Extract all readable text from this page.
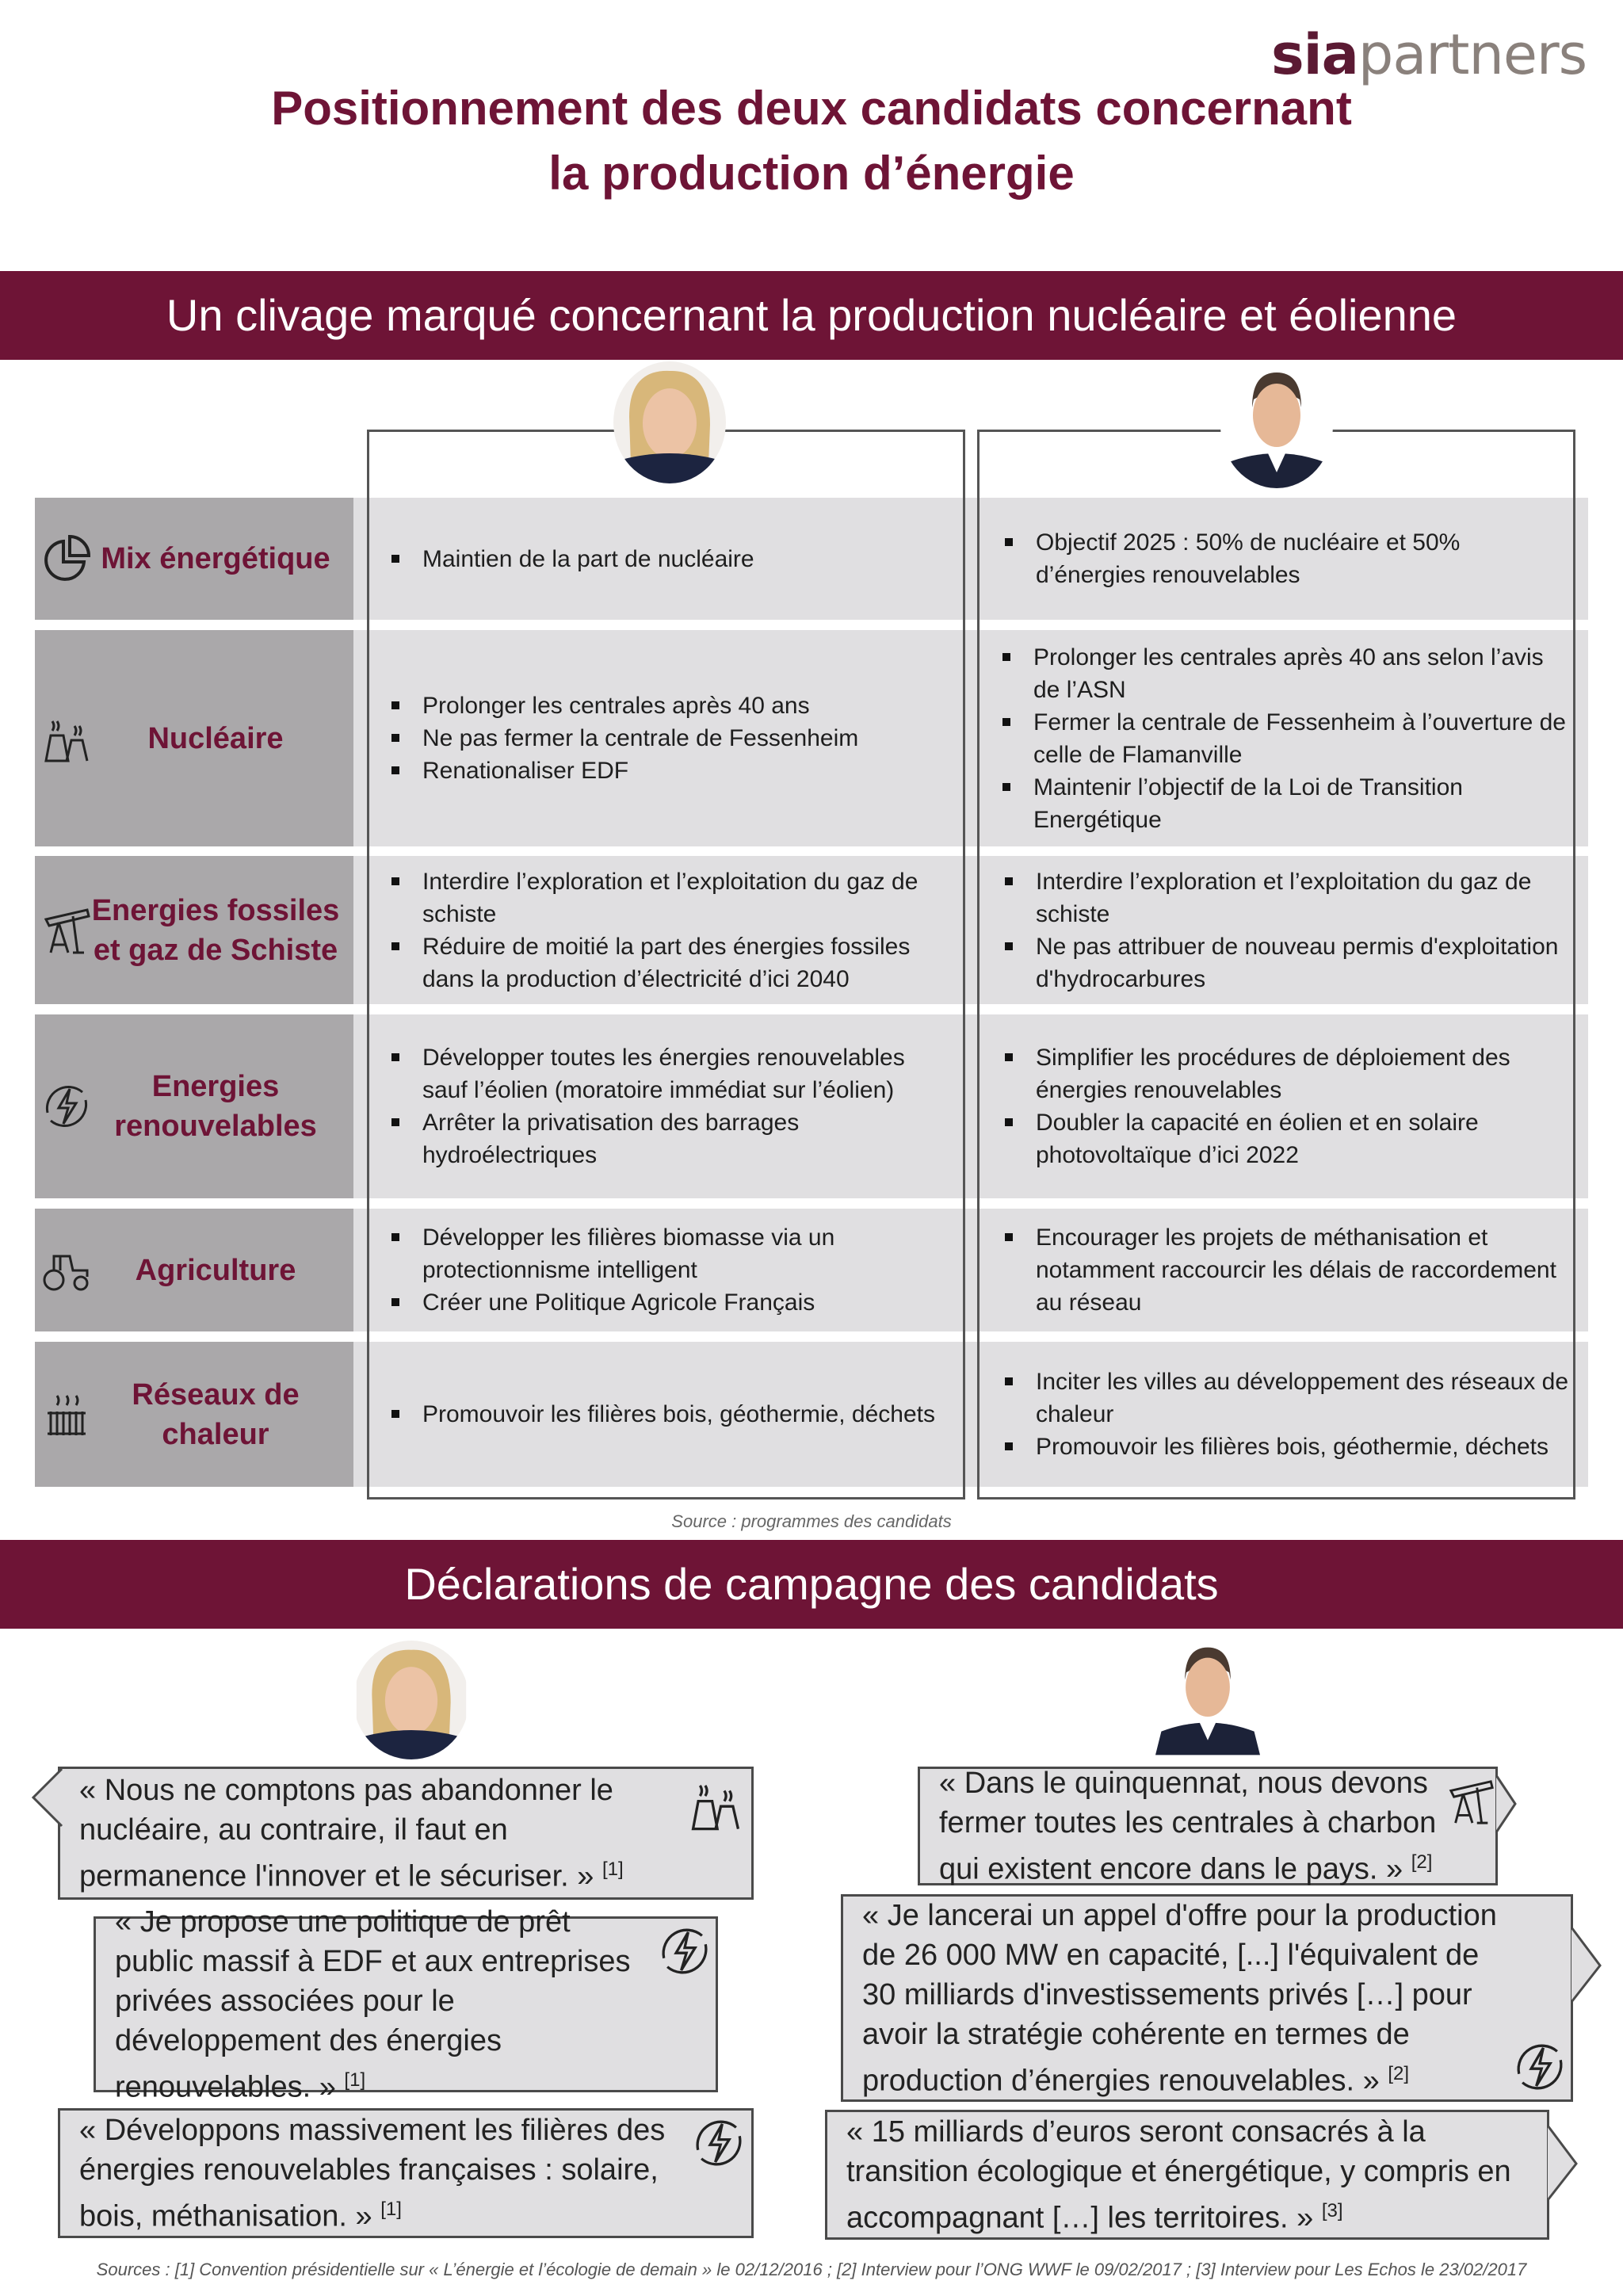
siapartners
Positionnement des deux candidats concernant
la production d’énergie
Un clivage marqué concernant la production nucléaire et éolienne
Mix énergétique
Nucléaire
Energies fossiles et gaz de Schiste
Energies renouvelables
Agriculture
Réseaux de chaleur
Maintien de la part de nucléaire
Objectif 2025 : 50% de nucléaire et 50% d’énergies renouvelables
Prolonger les centrales après 40 ans
Ne pas fermer la centrale de Fessenheim
Renationaliser EDF
Prolonger les centrales après 40 ans selon l’avis de l’ASN
Fermer la centrale de Fessenheim à l’ouverture de celle de Flamanville
Maintenir l’objectif de la Loi de Transition Energétique
Interdire l’exploration et l’exploitation du gaz de schiste
Réduire de moitié la part des énergies fossiles dans la production d’électricité d’ici 2040
Interdire l’exploration et l’exploitation du gaz de schiste
Ne pas attribuer de nouveau permis d'exploitation d'hydrocarbures
Développer toutes les énergies renouvelables sauf l’éolien (moratoire immédiat sur l’éolien)
Arrêter la privatisation des barrages hydroélectriques
Simplifier les procédures de déploiement des énergies renouvelables
Doubler la capacité en éolien et en solaire photovoltaïque d’ici 2022
Développer les filières biomasse via un protectionnisme intelligent
Créer une Politique Agricole Français
Encourager les projets de méthanisation et notamment raccourcir les délais de raccordement au réseau
Promouvoir les filières bois, géothermie, déchets
Inciter les villes au développement des réseaux de chaleur
Promouvoir les filières bois, géothermie, déchets
Source : programmes des candidats
Déclarations de campagne des candidats
« Nous ne comptons pas abandonner le nucléaire, au contraire, il faut en permanence l'innover et le sécuriser. » [1]
« Je propose une politique de prêt public massif à EDF et aux entreprises privées associées pour le développement des énergies renouvelables. » [1]
« Développons massivement les filières des énergies renouvelables françaises : solaire, bois, méthanisation. » [1]
« Dans le quinquennat, nous devons fermer toutes les centrales à charbon qui existent encore dans le pays. » [2]
« Je lancerai un appel d'offre pour la production de 26 000 MW en capacité, [...] l'équivalent de 30 milliards d'investissements privés […] pour avoir la stratégie cohérente en termes de production d’énergies renouvelables. » [2]
« 15 milliards d’euros seront consacrés à la transition écologique et énergétique, y compris en accompagnant […] les territoires. » [3]
Sources : [1] Convention présidentielle sur « L’énergie et l’écologie de demain » le 02/12/2016 ; [2] Interview pour l’ONG WWF le 09/02/2017 ; [3] Interview pour Les Echos le 23/02/2017
